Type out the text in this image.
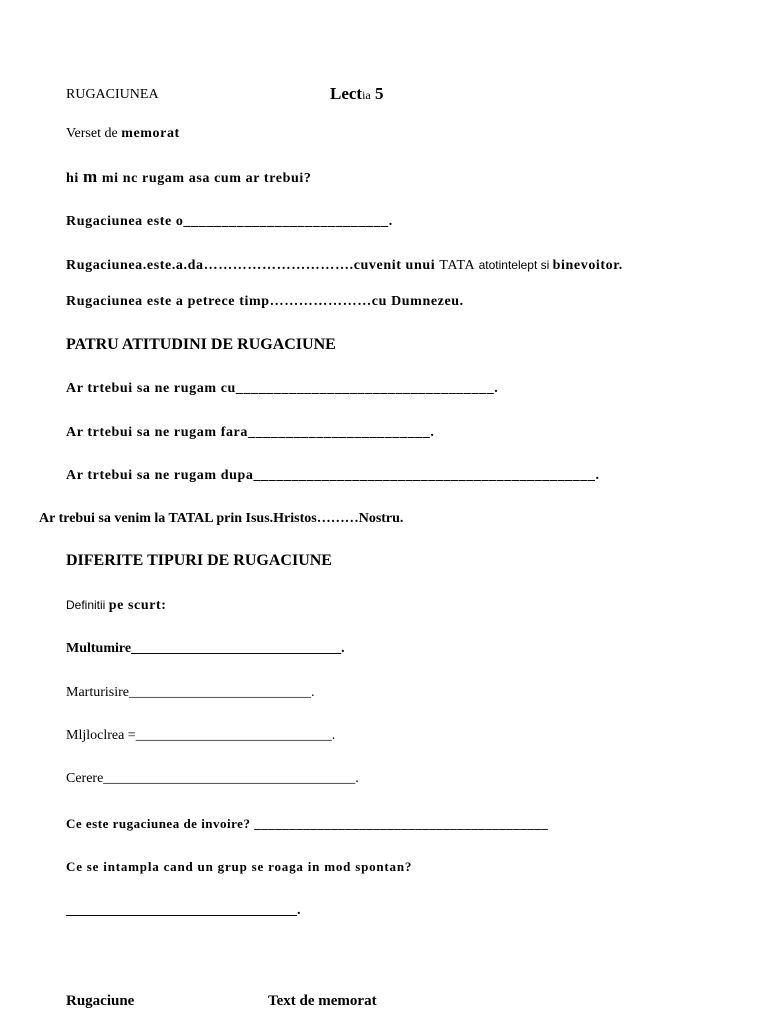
RUGACIUNEA	Lectia 5
Verset de memorat
hi m mi nc rugam asa cum ar trebui?
Rugaciunea este o___________________________.
Rugaciunea.este.a.da………………………….cuvenit unui TATA atotintelept si binevoitor.
Rugaciunea este a petrece timp…………………cu Dumnezeu.
PATRU ATITUDINI DE RUGACIUNE
Ar trtebui sa ne rugam cu__________________________________.
Ar trtebui sa ne rugam fara________________________.
Ar trtebui sa ne rugam dupa_____________________________________________.
Ar trebui sa venim la TATAL prin Isus.Hristos………Nostru.
DIFERITE TIPURI DE RUGACIUNE
Definitii pe scurt:
Multumire______________________________.
Marturisire__________________________.
Mljloclrea =____________________________.
Cerere____________________________________.
Ce este rugaciunea de invoire? __________________________________________
Ce se intampla cand un grup se roaga in mod spontan?
_________________________________.
Rugaciune	Text de memorat
